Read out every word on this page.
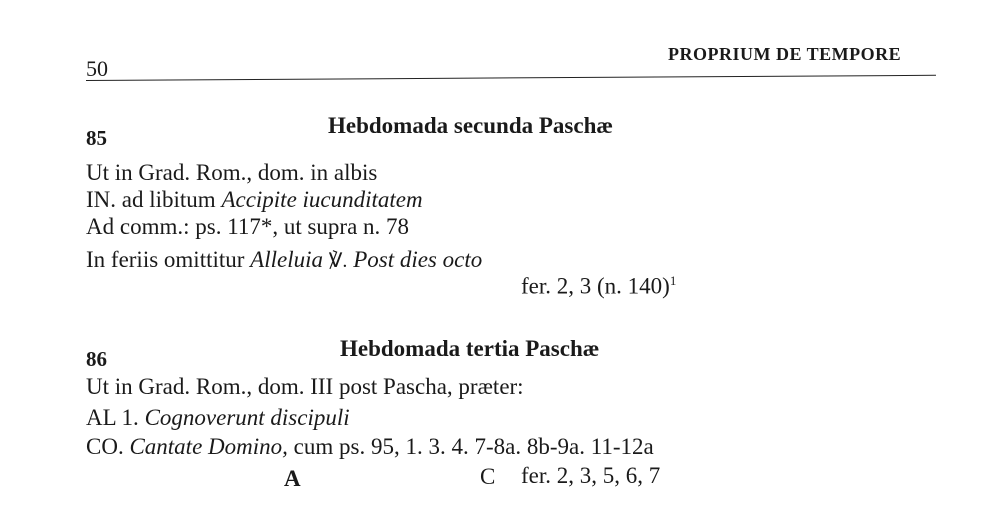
50
PROPRIUM DE TEMPORE
85	Hebdomada secunda Paschæ
Ut in Grad. Rom., dom. in albis
IN. ad libitum Accipite iucunditatem
Ad comm.: ps. 117*, ut supra n. 78
In feriis omittitur Alleluia ℣. Post dies octo
fer. 2, 3 (n. 140)$^1$
86	Hebdomada tertia Paschæ
Ut in Grad. Rom., dom. III post Pascha, præter:
AL 1. Cognoverunt discipuli
CO. Cantate Domino, cum ps. 95, 1. 3. 4. 7-8a. 8b-9a. 11-12a
A	C fer. 2, 3, 5, 6, 7
